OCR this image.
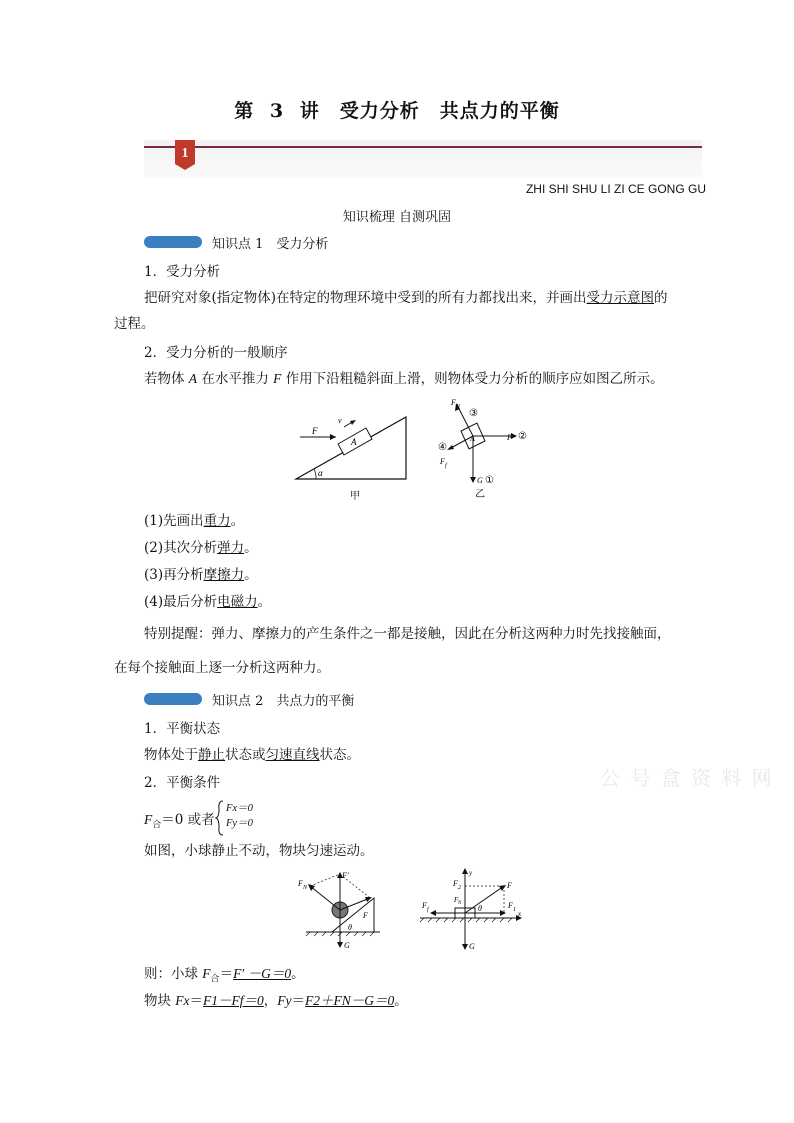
第 3 讲　受力分析　共点力的平衡
1
ZHI SHI SHU LI ZI CE GONG GU
知识梳理 自测巩固
知识点 1　受力分析
1．受力分析
把研究对象(指定物体)在特定的物理环境中受到的所有力都找出来，并画出受力示意图的
过程。
2．受力分析的一般顺序
若物体 A 在水平推力 F 作用下沿粗糙斜面上滑，则物体受力分析的顺序应如图乙所示。
α
A
F
v
甲
A
F N
③
F ②
④
F f
G ①
乙
(1)先画出重力。
(2)其次分析弹力。
(3)再分析摩擦力。
(4)最后分析电磁力。
特别提醒：弹力、摩擦力的产生条件之一都是接触，因此在分析这两种力时先找接触面，
在每个接触面上逐一分析这两种力。
知识点 2　共点力的平衡
1．平衡状态
物体处于静止状态或匀速直线状态。
公 号 盒 资 料 网
2．平衡条件
$F_合=0$ 或者
Fx＝0
Fy＝0
如图，小球静止不动，物块匀速运动。
G
F′
F N
F
θ
x
y
G
F
F 1
F 2
F N
F f	θ
则：小球 $F_合=F' -G=0$。
物块 Fx＝F1－Ff＝0，Fy＝F2＋FN－G＝0。
